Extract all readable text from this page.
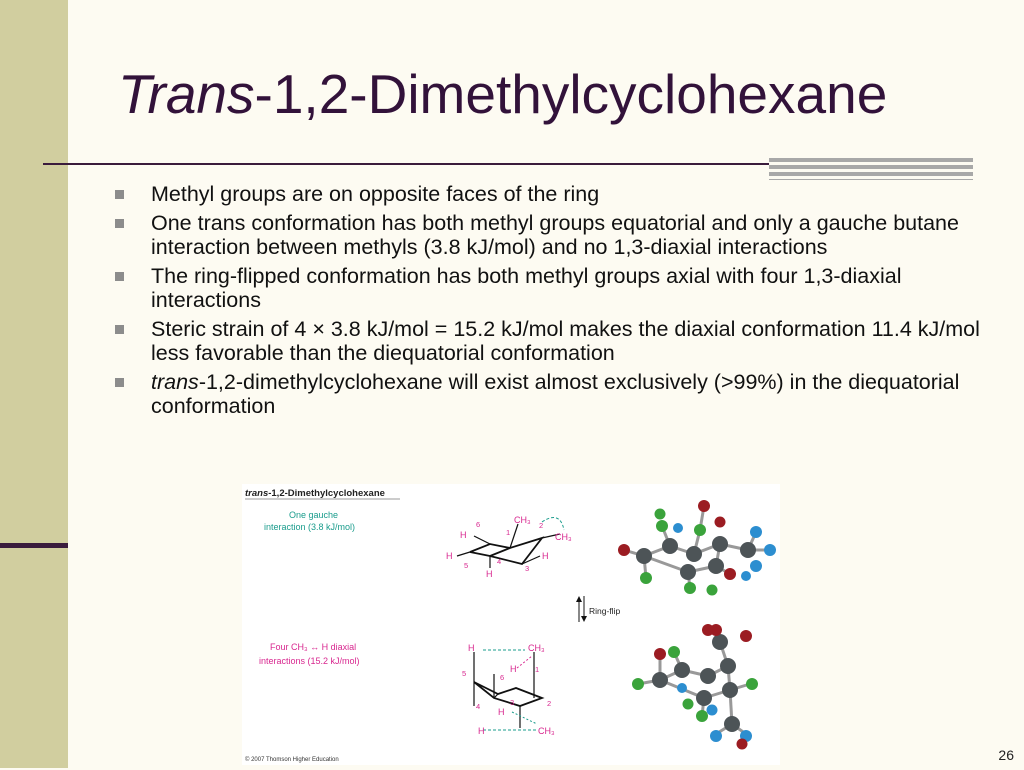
Trans-1,2-Dimethylcyclohexane
Methyl groups are on opposite faces of the ring
One trans conformation has both methyl groups equatorial and only a gauche butane interaction between methyls (3.8 kJ/mol) and no 1,3-diaxial interactions
The ring-flipped conformation has both methyl groups axial with four 1,3-diaxial interactions
Steric strain of 4 × 3.8 kJ/mol = 15.2 kJ/mol makes the diaxial conformation 11.4 kJ/mol less favorable than the diequatorial conformation
trans-1,2-dimethylcyclohexane will exist almost exclusively (>99%) in the diequatorial conformation
trans-1,2-Dimethylcyclohexane
One gauche
interaction (3.8 kJ/mol)
H
H
H
H
CH₃
CH₃
6
1
2
5	4
3
Ring-flip
Four CH₃ ↔ H diaxial
interactions (15.2 kJ/mol)
H	CH₃
H
H
H	CH₃
6
5	1
4	3	2
© 2007 Thomson Higher Education	26
